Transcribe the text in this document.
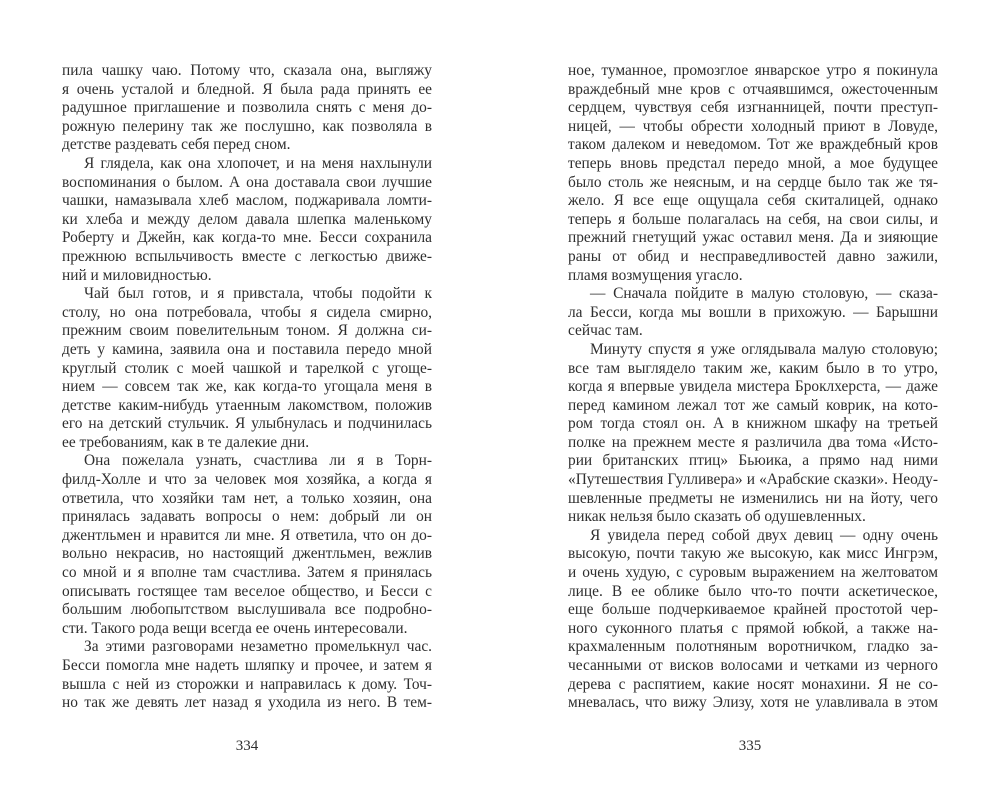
пила чашку чаю. Потому что, сказала она, выгляжу
я очень усталой и бледной. Я была рада принять ее
радушное приглашение и позволила снять с меня до-
рожную пелерину так же послушно, как позволяла в
детстве раздевать себя перед сном.
Я глядела, как она хлопочет, и на меня нахлынули
воспоминания о былом. А она доставала свои лучшие
чашки, намазывала хлеб маслом, поджаривала ломти-
ки хлеба и между делом давала шлепка маленькому
Роберту и Джейн, как когда-то мне. Бесси сохранила
прежнюю вспыльчивость вместе с легкостью движе-
ний и миловидностью.
Чай был готов, и я привстала, чтобы подойти к
столу, но она потребовала, чтобы я сидела смирно,
прежним своим повелительным тоном. Я должна си-
деть у камина, заявила она и поставила передо мной
круглый столик с моей чашкой и тарелкой с угоще-
нием — совсем так же, как когда-то угощала меня в
детстве каким-нибудь утаенным лакомством, положив
его на детский стульчик. Я улыбнулась и подчинилась
ее требованиям, как в те далекие дни.
Она пожелала узнать, счастлива ли я в Торн-
филд-Холле и что за человек моя хозяйка, а когда я
ответила, что хозяйки там нет, а только хозяин, она
принялась задавать вопросы о нем: добрый ли он
джентльмен и нравится ли мне. Я ответила, что он до-
вольно некрасив, но настоящий джентльмен, вежлив
со мной и я вполне там счастлива. Затем я принялась
описывать гостящее там веселое общество, и Бесси с
большим любопытством выслушивала все подробно-
сти. Такого рода вещи всегда ее очень интересовали.
За этими разговорами незаметно промелькнул час.
Бесси помогла мне надеть шляпку и прочее, и затем я
вышла с ней из сторожки и направилась к дому. Точ-
но так же девять лет назад я уходила из него. В тем-
ное, туманное, промозглое январское утро я покинула
враждебный мне кров с отчаявшимся, ожесточенным
сердцем, чувствуя себя изгнанницей, почти преступ-
ницей, — чтобы обрести холодный приют в Ловуде,
таком далеком и неведомом. Тот же враждебный кров
теперь вновь предстал передо мной, а мое будущее
было столь же неясным, и на сердце было так же тя-
жело. Я все еще ощущала себя скиталицей, однако
теперь я больше полагалась на себя, на свои силы, и
прежний гнетущий ужас оставил меня. Да и зияющие
раны от обид и несправедливостей давно зажили,
пламя возмущения угасло.
— Сначала пойдите в малую столовую, — сказа-
ла Бесси, когда мы вошли в прихожую. — Барышни
сейчас там.
Минуту спустя я уже оглядывала малую столовую;
все там выглядело таким же, каким было в то утро,
когда я впервые увидела мистера Броклхерста, — даже
перед камином лежал тот же самый коврик, на кото-
ром тогда стоял он. А в книжном шкафу на третьей
полке на прежнем месте я различила два тома «Исто-
рии британских птиц» Бьюика, а прямо над ними
«Путешествия Гулливера» и «Арабские сказки». Неоду-
шевленные предметы не изменились ни на йоту, чего
никак нельзя было сказать об одушевленных.
Я увидела перед собой двух девиц — одну очень
высокую, почти такую же высокую, как мисс Ингрэм,
и очень худую, с суровым выражением на желтоватом
лице. В ее облике было что-то почти аскетическое,
еще больше подчеркиваемое крайней простотой чер-
ного суконного платья с прямой юбкой, а также на-
крахмаленным полотняным воротничком, гладко за-
чесанными от висков волосами и четками из черного
дерева с распятием, какие носят монахини. Я не со-
мневалась, что вижу Элизу, хотя не улавливала в этом
334	335
